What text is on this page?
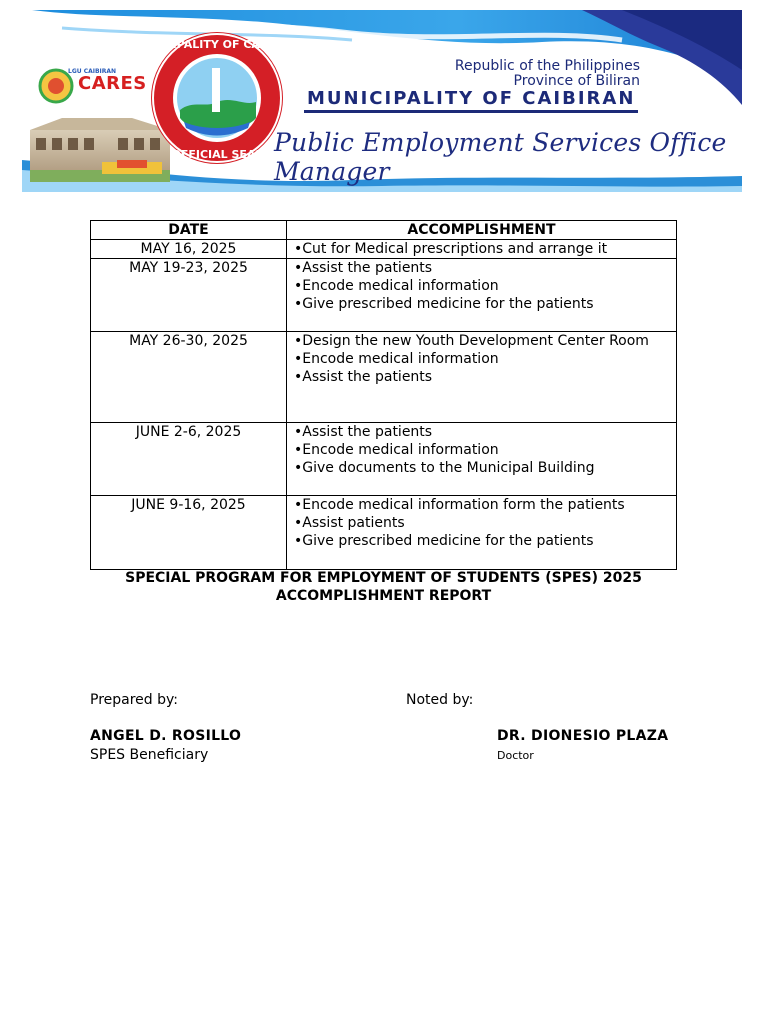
MUNICIPALITY OF CAIBIRAN
OFFICIAL SEAL
LGU CAIBIRAN
CARES
Republic of the Philippines
Province of Biliran
MUNICIPALITY OF CAIBIRAN
Public Employment Services Office Manager
DATE	ACCOMPLISHMENT
MAY 16, 2025	•Cut for Medical prescriptions and arrange it

MAY 19-23, 2025	•Assist the patients
•Encode medical information
•Give prescribed medicine for the patients

MAY 26-30, 2025	•Design the new Youth Development Center Room
•Encode medical information
•Assist the patients

JUNE 2-6, 2025	•Assist the patients
•Encode medical information
•Give documents to the Municipal Building

JUNE 9-16, 2025	•Encode medical information form the patients
•Assist patients
•Give prescribed medicine for the patients
SPECIAL PROGRAM FOR EMPLOYMENT OF STUDENTS (SPES) 2025
ACCOMPLISHMENT REPORT
Prepared by:	Noted by:
ANGEL D. ROSILLO
SPES Beneficiary
DR. DIONESIO PLAZA
Doctor
